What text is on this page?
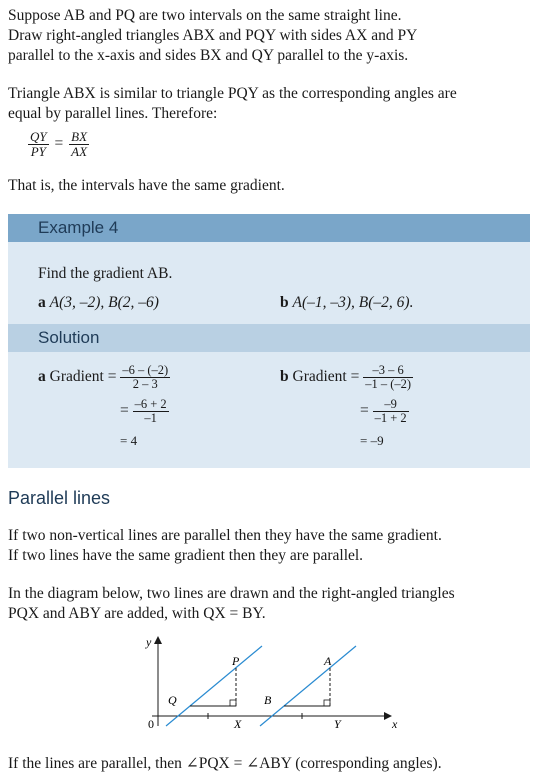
Suppose AB and PQ are two intervals on the same straight line.

Draw right-angled triangles ABX and PQY with sides AX and PY

parallel to the x-axis and sides BX and QY parallel to the y-axis.

Triangle ABX is similar to triangle PQY as the corresponding angles are

equal by parallel lines. Therefore:

$\frac{QY}{PY} = \frac{BX}{AX}$

That is, the intervals have the same gradient.

Example 4

Find the gradient AB.

a A(3, –2), B(2, –6)	b A(–1, –3), B(–2, 6).
Solution
a Gradient = $\frac{-6 - (-2)}{2 - 3}$
= $\frac{-6 + 2}{-1}$
= 4
b Gradient = $\frac{-3 - 6}{-1 - (-2)}$
= $\frac{-9}{-1 + 2}$
= –9
Parallel lines

If two non-vertical lines are parallel then they have the same gradient.

If two lines have the same gradient then they are parallel.

In the diagram below, two lines are drawn and the right-angled triangles

PQX and ABY are added, with QX = BY.

y
x
0
P
Q
X
A
B
Y

If the lines are parallel, then ∠PQX = ∠ABY (corresponding angles).
